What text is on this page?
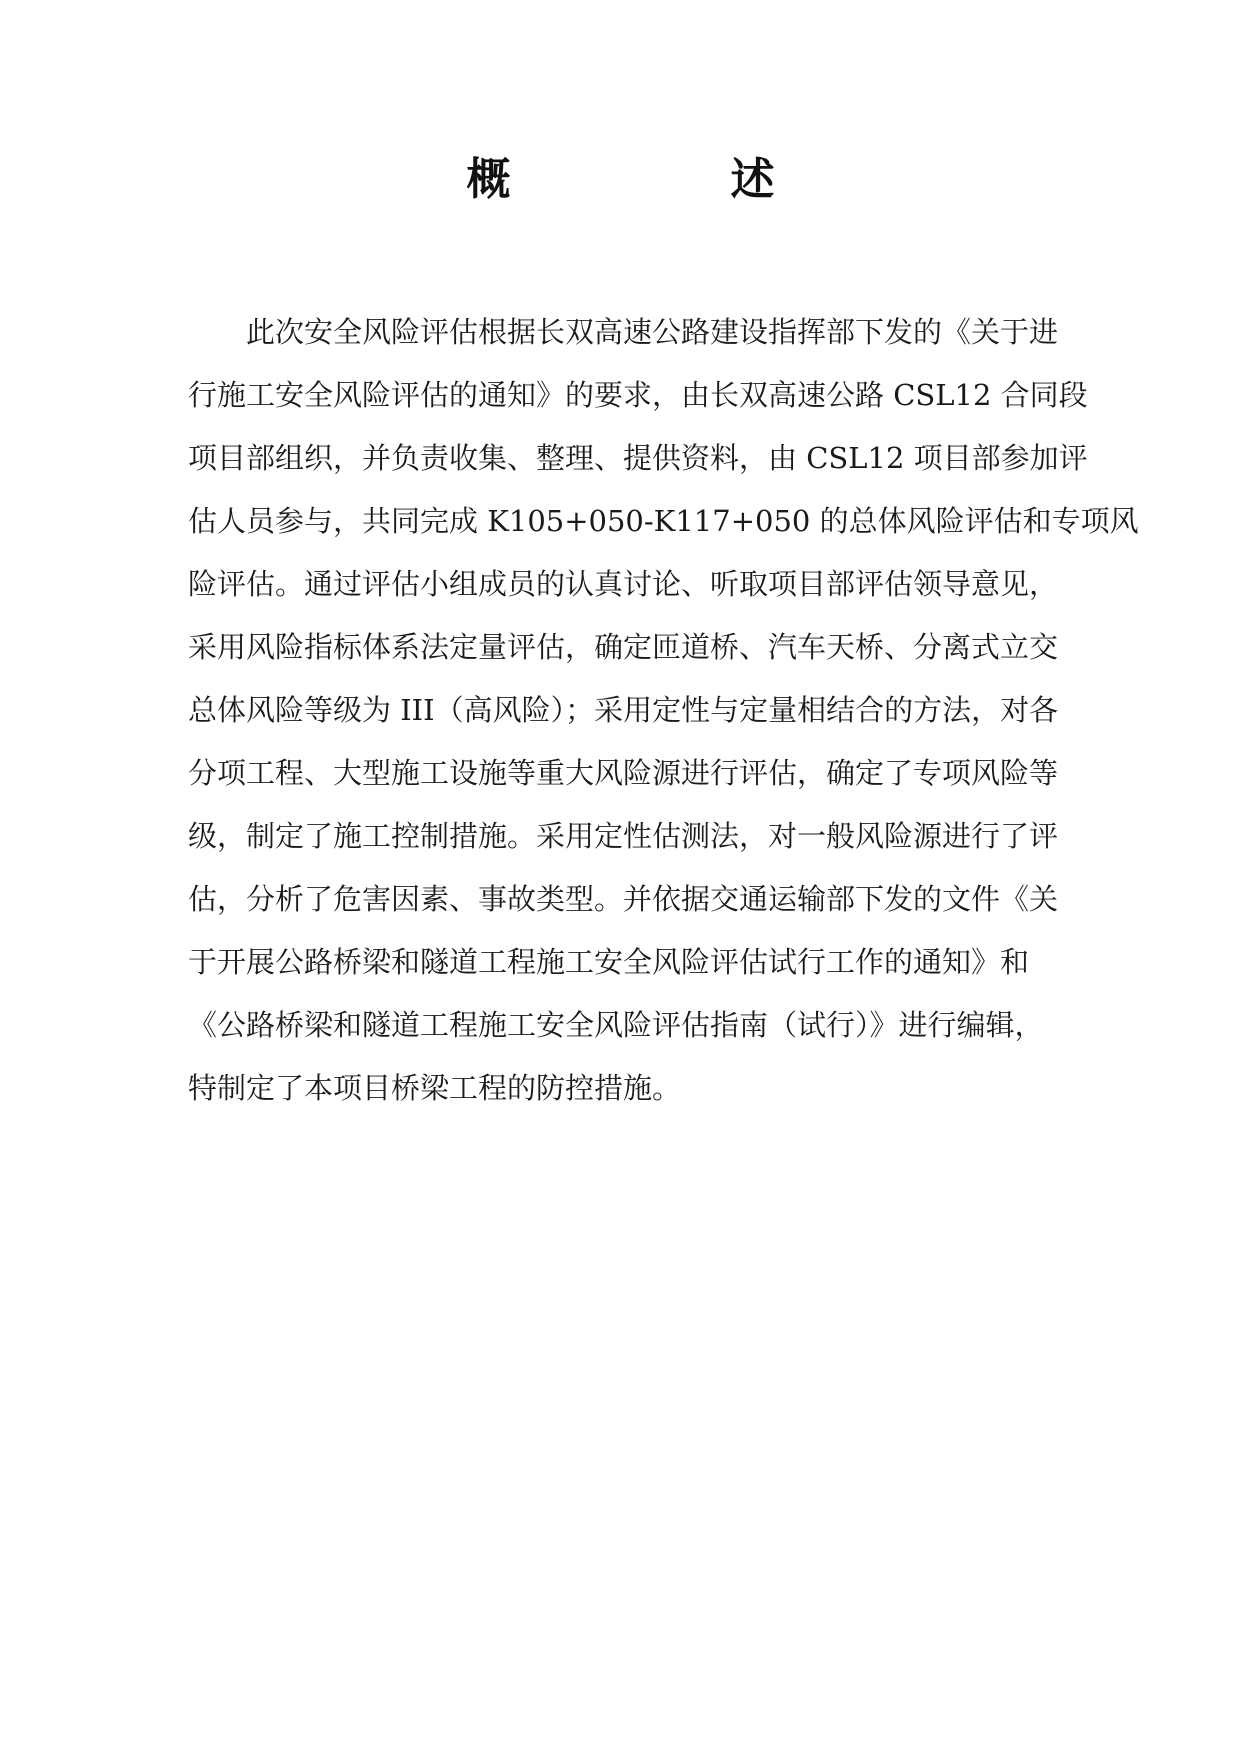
概　述
　　此次安全风险评估根据长双高速公路建设指挥部下发的《关于进
行施工安全风险评估的通知》的要求，由长双高速公路 CSL12 合同段
项目部组织，并负责收集、整理、提供资料，由 CSL12 项目部参加评
估人员参与，共同完成 K105+050-K117+050 的总体风险评估和专项风
险评估。通过评估小组成员的认真讨论、听取项目部评估领导意见，
采用风险指标体系法定量评估，确定匝道桥、汽车天桥、分离式立交
总体风险等级为 III（高风险）；采用定性与定量相结合的方法，对各
分项工程、大型施工设施等重大风险源进行评估，确定了专项风险等
级，制定了施工控制措施。采用定性估测法，对一般风险源进行了评
估，分析了危害因素、事故类型。并依据交通运输部下发的文件《关
于开展公路桥梁和隧道工程施工安全风险评估试行工作的通知》和
《公路桥梁和隧道工程施工安全风险评估指南（试行）》进行编辑，
特制定了本项目桥梁工程的防控措施。
